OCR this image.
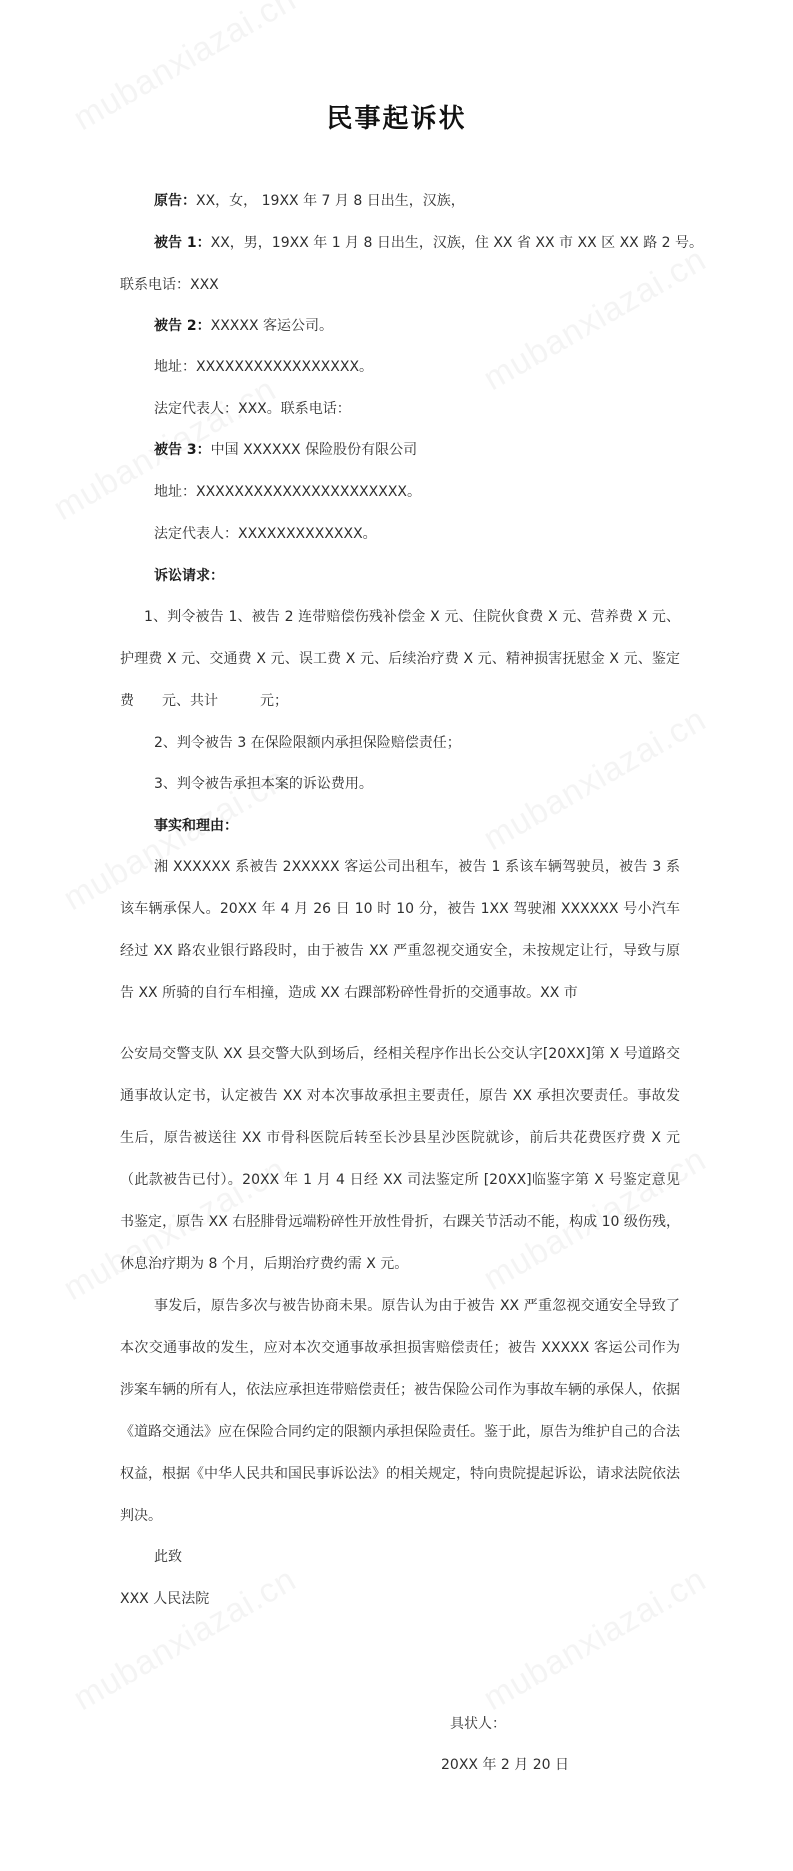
民事起诉状
原告：XX，女， 19XX 年 7 月 8 日出生，汉族，
被告 1：XX，男，19XX 年 1 月 8 日出生，汉族，住 XX 省 XX 市 XX 区 XX 路 2 号。
联系电话：XXX
被告 2：XXXXX 客运公司。
地址：XXXXXXXXXXXXXXXXX。
法定代表人：XXX。联系电话：
被告 3：中国 XXXXXX 保险股份有限公司
地址：XXXXXXXXXXXXXXXXXXXXXX。
法定代表人：XXXXXXXXXXXXX。
诉讼请求：
1、判令被告 1、被告 2 连带赔偿伤残补偿金 X 元、住院伙食费 X 元、营养费 X 元、护理费 X 元、交通费 X 元、误工费 X 元、后续治疗费 X 元、精神损害抚慰金 X 元、鉴定费　　元、共计　　　元；
2、判令被告 3 在保险限额内承担保险赔偿责任；
3、判令被告承担本案的诉讼费用。
事实和理由：
湘 XXXXXX 系被告 2XXXXX 客运公司出租车，被告 1 系该车辆驾驶员，被告 3 系该车辆承保人。20XX 年 4 月 26 日 10 时 10 分，被告 1XX 驾驶湘 XXXXXX 号小汽车经过 XX 路农业银行路段时，由于被告 XX 严重忽视交通安全，未按规定让行，导致与原告 XX 所骑的自行车相撞，造成 XX 右踝部粉碎性骨折的交通事故。XX 市
公安局交警支队 XX 县交警大队到场后，经相关程序作出长公交认字[20XX]第 X 号道路交通事故认定书，认定被告 XX 对本次事故承担主要责任，原告 XX 承担次要责任。事故发生后，原告被送往 XX 市骨科医院后转至长沙县星沙医院就诊，前后共花费医疗费 X 元（此款被告已付）。20XX 年 1 月 4 日经 XX 司法鉴定所 [20XX]临鉴字第 X 号鉴定意见书鉴定，原告 XX 右胫腓骨远端粉碎性开放性骨折，右踝关节活动不能，构成 10 级伤残，休息治疗期为 8 个月，后期治疗费约需 X 元。
事发后，原告多次与被告协商未果。原告认为由于被告 XX 严重忽视交通安全导致了本次交通事故的发生，应对本次交通事故承担损害赔偿责任；被告 XXXXX 客运公司作为涉案车辆的所有人，依法应承担连带赔偿责任；被告保险公司作为事故车辆的承保人，依据《道路交通法》应在保险合同约定的限额内承担保险责任。鉴于此，原告为维护自己的合法权益，根据《中华人民共和国民事诉讼法》的相关规定，特向贵院提起诉讼，请求法院依法判决。
此致
XXX 人民法院
具状人：
20XX 年 2 月 20 日
